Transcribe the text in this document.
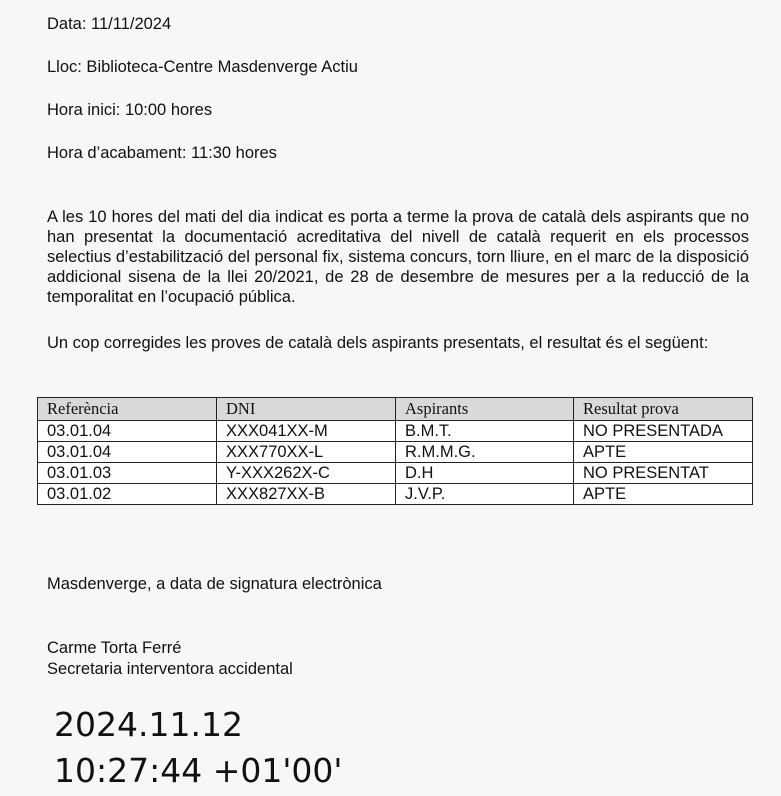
Data: 11/11/2024

Lloc: Biblioteca-Centre Masdenverge Actiu

Hora inici: 10:00 hores

Hora d’acabament: 11:30 hores

A les 10 hores del mati del dia indicat es porta a terme la prova de català dels aspirants que no han presentat la documentació acreditativa del nivell de català requerit en els processos selectius d’estabilització del personal fix, sistema concurs, torn lliure, en el marc de la disposició addicional sisena de la llei 20/2021, de 28 de desembre de mesures per a la reducció de la temporalitat en l’ocupació pública.

Un cop corregides les proves de català dels aspirants presentats, el resultat és el següent:

Referència	DNI	Aspirants	Resultat prova
03.01.04	XXX041XX-M	B.M.T.	NO PRESENTADA
03.01.04	XXX770XX-L	R.M.M.G.	APTE
03.01.03	Y-XXX262X-C	D.H	NO PRESENTAT
03.01.02	XXX827XX-B	J.V.P.	APTE

Masdenverge, a data de signatura electrònica

Carme Torta Ferré

Secretaria interventora accidental

2024.11.12
10:27:44 +01'00'
